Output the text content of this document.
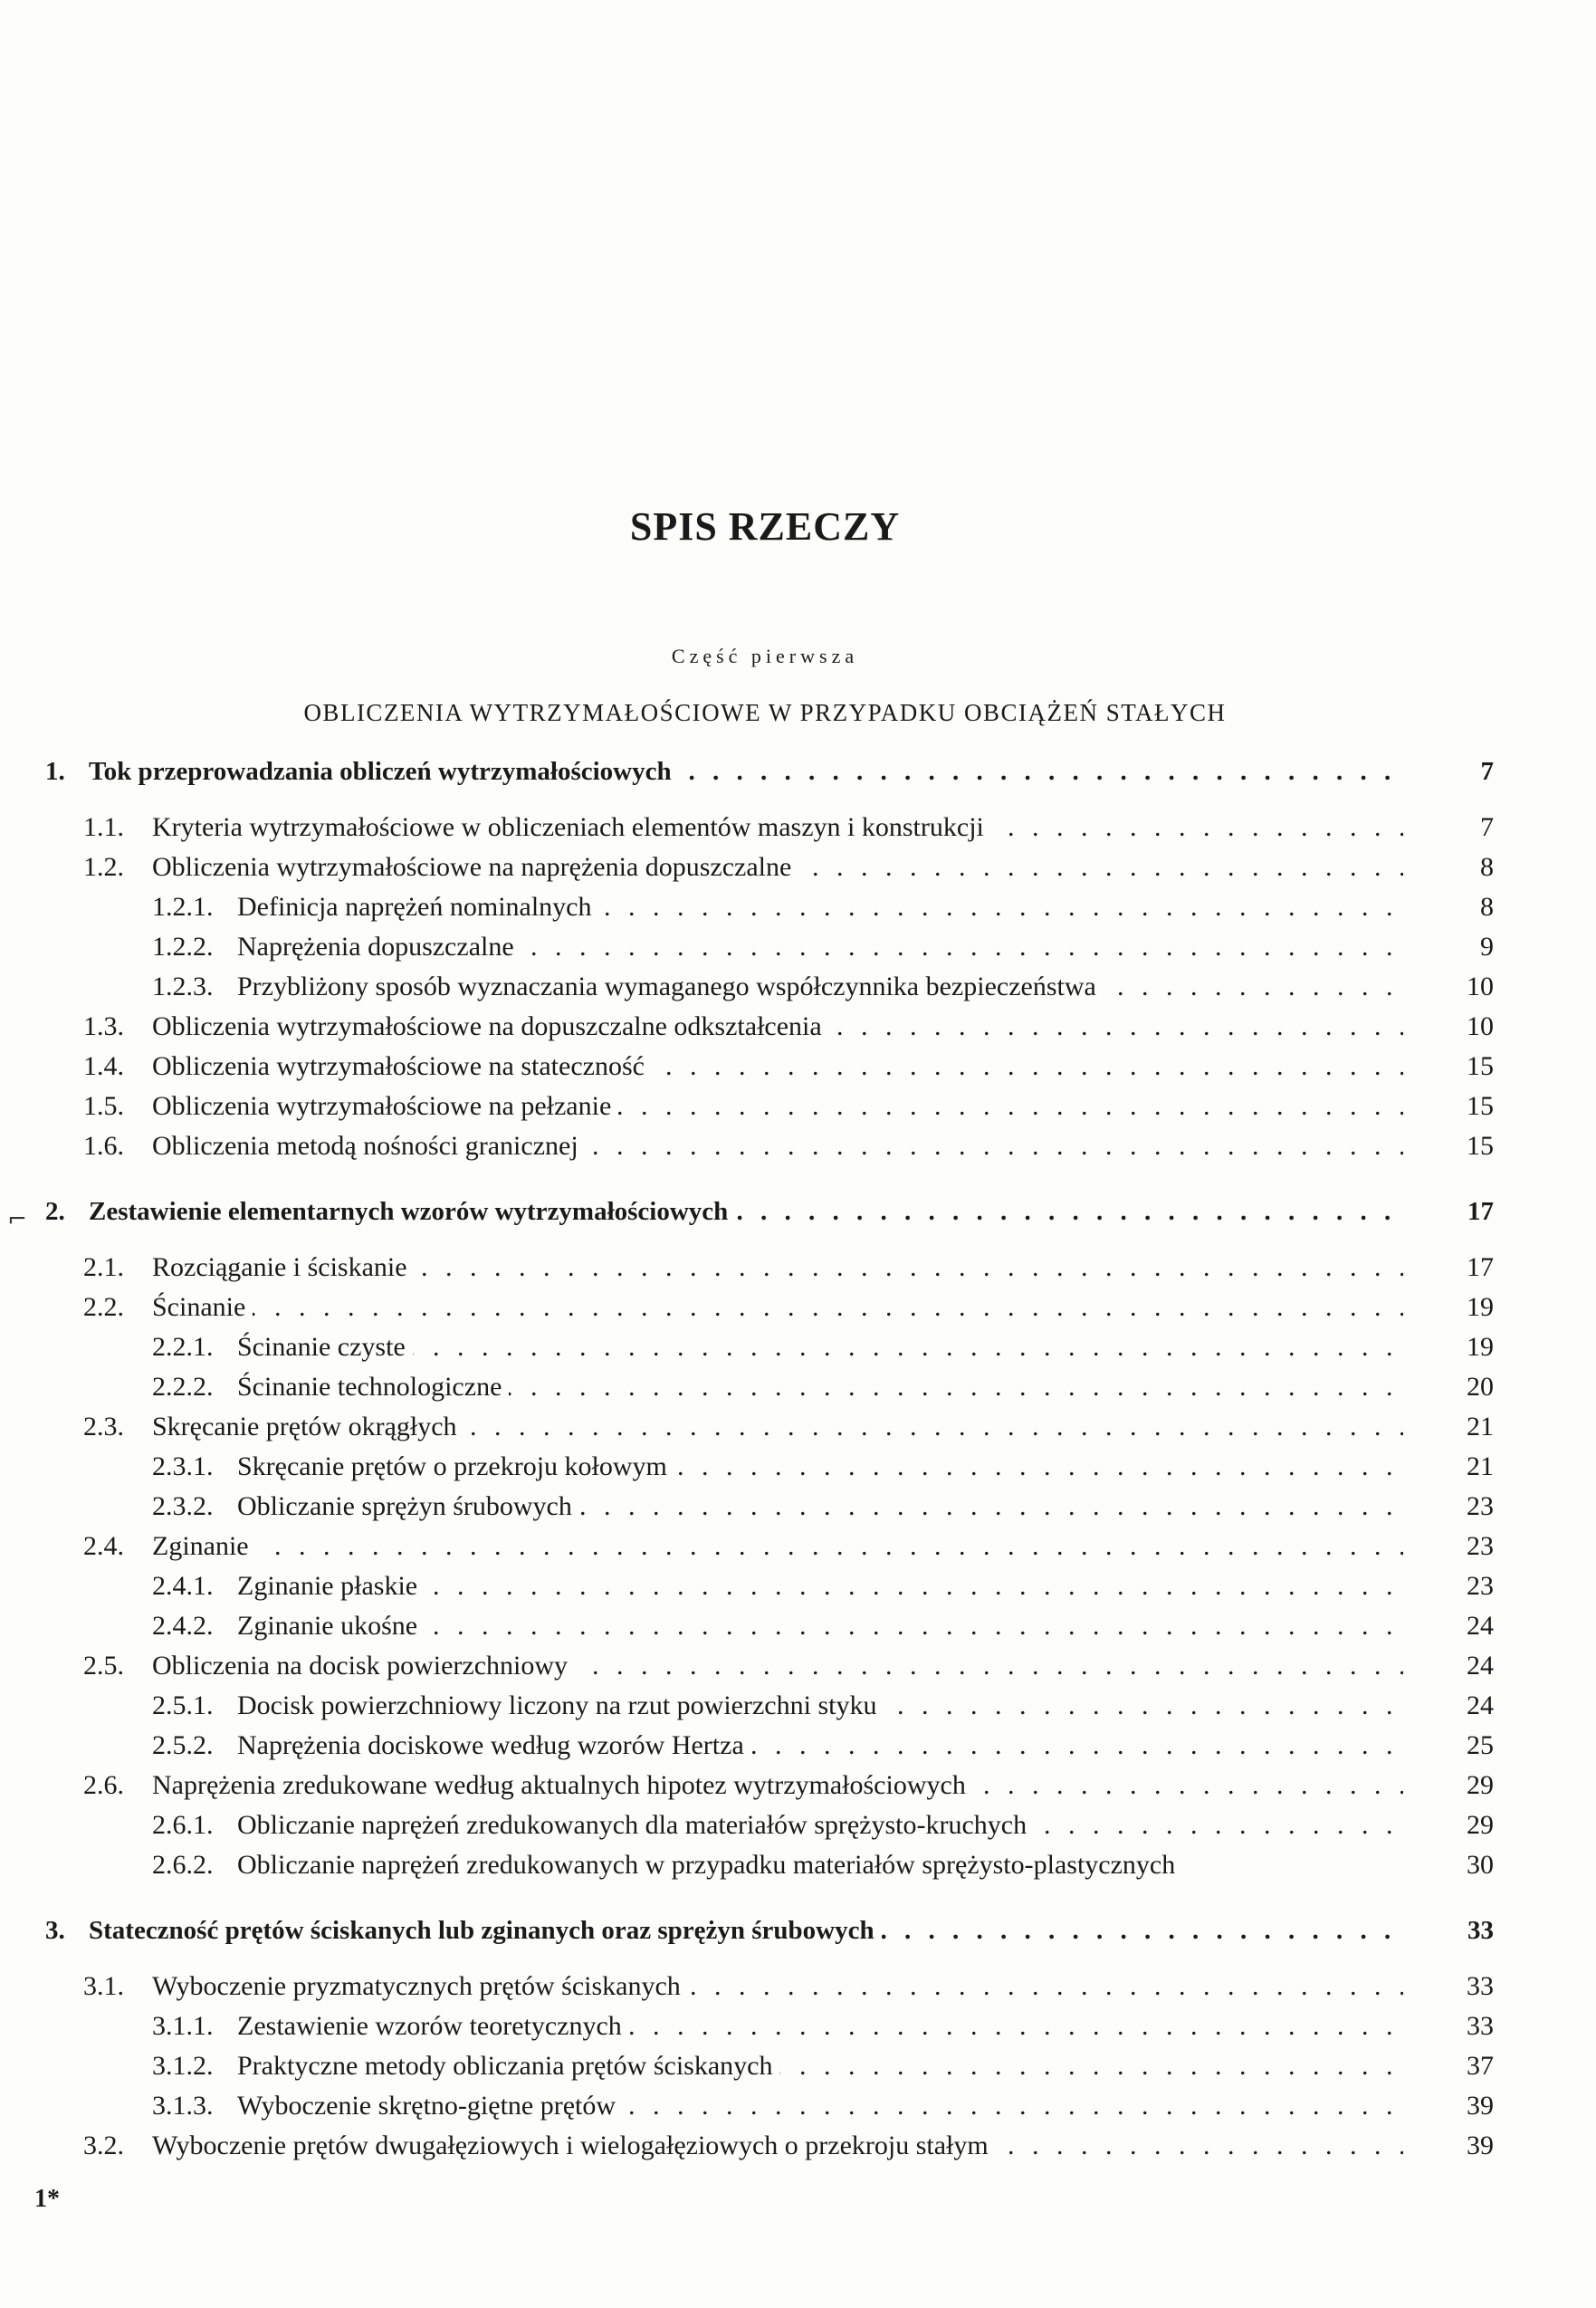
SPIS RZECZY
Część pierwsza
OBLICZENIA WYTRZYMAŁOŚCIOWE W PRZYPADKU OBCIĄŻEŃ STAŁYCH
1. Tok przeprowadzania obliczeń wytrzymałościowych . . .	7
1.1. Kryteria wytrzymałościowe w obliczeniach elementów maszyn i konstrukcji . . .	7
1.2. Obliczenia wytrzymałościowe na naprężenia dopuszczalne . . .	8
1.2.1. Definicja naprężeń nominalnych . . .	8
1.2.2. Naprężenia dopuszczalne . . .	9
1.2.3. Przybliżony sposób wyznaczania wymaganego współczynnika bezpieczeństwa . . .	10
1.3. Obliczenia wytrzymałościowe na dopuszczalne odkształcenia . . .	10
1.4. Obliczenia wytrzymałościowe na stateczność . . .	15
1.5. Obliczenia wytrzymałościowe na pełzanie . . .	15
1.6. Obliczenia metodą nośności granicznej . . .	15
2. Zestawienie elementarnych wzorów wytrzymałościowych . . .	17
2.1. Rozciąganie i ściskanie . . .	17
2.2. Ścinanie . . .	19
2.2.1. Ścinanie czyste . . .	19
2.2.2. Ścinanie technologiczne . . .	20
2.3. Skręcanie prętów okrągłych . . .	21
2.3.1. Skręcanie prętów o przekroju kołowym . . .	21
2.3.2. Obliczanie sprężyn śrubowych . . .	23
2.4. Zginanie . . .	23
2.4.1. Zginanie płaskie . . .	23
2.4.2. Zginanie ukośne . . .	24
2.5. Obliczenia na docisk powierzchniowy . . .	24
2.5.1. Docisk powierzchniowy liczony na rzut powierzchni styku . . .	24
2.5.2. Naprężenia dociskowe według wzorów Hertza . . .	25
2.6. Naprężenia zredukowane według aktualnych hipotez wytrzymałościowych . . .	29
2.6.1. Obliczanie naprężeń zredukowanych dla materiałów sprężysto-kruchych . . .	29
2.6.2. Obliczanie naprężeń zredukowanych w przypadku materiałów sprężysto-plastycznych	30
3. Stateczność prętów ściskanych lub zginanych oraz sprężyn śrubowych . . .	33
3.1. Wyboczenie pryzmatycznych prętów ściskanych . . .	33
3.1.1. Zestawienie wzorów teoretycznych . . .	33
3.1.2. Praktyczne metody obliczania prętów ściskanych . . .	37
3.1.3. Wyboczenie skrętno-giętne prętów . . .	39
3.2. Wyboczenie prętów dwugałęziowych i wielogałęziowych o przekroju stałym . . .	39
⌐
1*
